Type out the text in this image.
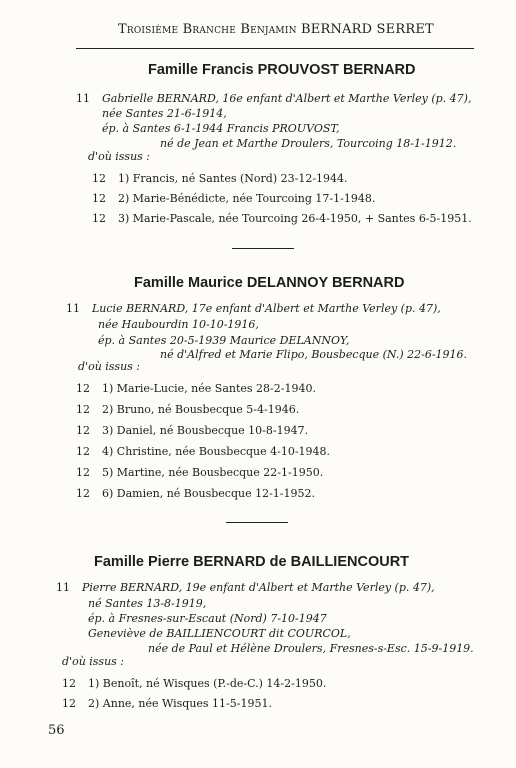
Troisième Branche Benjamin BERNARD SERRET
Famille Francis PROUVOST BERNARD
11 Gabrielle BERNARD, 16e enfant d'Albert et Marthe Verley (p. 47),
née Santes 21-6-1914,
ép. à Santes 6-1-1944 Francis PROUVOST,
né de Jean et Marthe Droulers, Tourcoing 18-1-1912.
d'où issus :
12 1) Francis, né Santes (Nord) 23-12-1944.
12 2) Marie-Bénédicte, née Tourcoing 17-1-1948.
12 3) Marie-Pascale, née Tourcoing 26-4-1950, + Santes 6-5-1951.
Famille Maurice DELANNOY BERNARD
11 Lucie BERNARD, 17e enfant d'Albert et Marthe Verley (p. 47),
née Haubourdin 10-10-1916,
ép. à Santes 20-5-1939 Maurice DELANNOY,
né d'Alfred et Marie Flipo, Bousbecque (N.) 22-6-1916.
d'où issus :
12 1) Marie-Lucie, née Santes 28-2-1940.
12 2) Bruno, né Bousbecque 5-4-1946.
12 3) Daniel, né Bousbecque 10-8-1947.
12 4) Christine, née Bousbecque 4-10-1948.
12 5) Martine, née Bousbecque 22-1-1950.
12 6) Damien, né Bousbecque 12-1-1952.
Famille Pierre BERNARD de BAILLIENCOURT
11 Pierre BERNARD, 19e enfant d'Albert et Marthe Verley (p. 47),
né Santes 13-8-1919,
ép. à Fresnes-sur-Escaut (Nord) 7-10-1947
Geneviève de BAILLIENCOURT dit COURCOL,
née de Paul et Hélène Droulers, Fresnes-s-Esc. 15-9-1919.
d'où issus :
12 1) Benoît, né Wisques (P.-de-C.) 14-2-1950.
12 2) Anne, née Wisques 11-5-1951.
56
